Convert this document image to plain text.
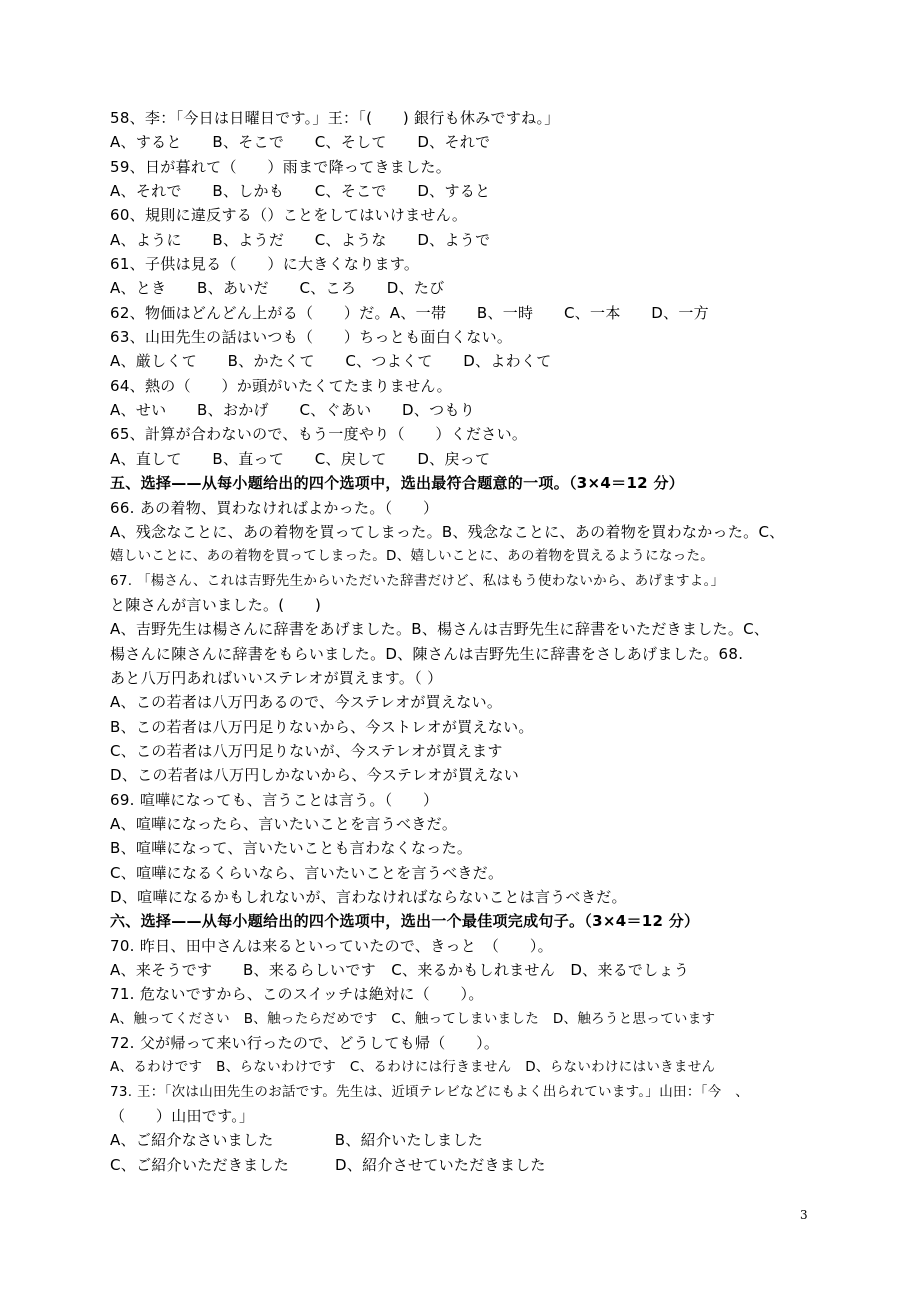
58、李：「今日は日曜日です。」王：「(　　) 銀行も休みですね。」
A、すると　　B、そこで　　C、そして　　D、それで
59、日が暮れて（　　）雨まで降ってきました。
A、それで　　B、しかも　　C、そこで　　D、すると
60、規則に違反する（）ことをしてはいけません。
A、ように　　B、ようだ　　C、ような　　D、ようで
61、子供は見る（　　）に大きくなります。
A、とき　　B、あいだ　　C、ころ　　D、たび
62、物価はどんどん上がる（　　）だ。A、一帯　　B、一時　　C、一本　　D、一方
63、山田先生の話はいつも（　　）ちっとも面白くない。
A、厳しくて　　B、かたくて　　C、つよくて　　D、よわくて
64、熱の（　　）か頭がいたくてたまりません。
A、せい　　B、おかげ　　C、ぐあい　　D、つもり
65、計算が合わないので、もう一度やり（　　）ください。
A、直して　　B、直って　　C、戻して　　D、戻って
五、选择——从每小题给出的四个选项中，选出最符合题意的一项。（3×4＝12 分）
66. あの着物、買わなければよかった。（　　）
A、残念なことに、あの着物を買ってしまった。B、残念なことに、あの着物を買わなかった。C、
嬉しいことに、あの着物を買ってしまった。D、嬉しいことに、あの着物を買えるようになった。
67. 「楊さん、これは吉野先生からいただいた辞書だけど、私はもう使わないから、あげますよ。」
と陳さんが言いました。(　　)
A、吉野先生は楊さんに辞書をあげました。B、楊さんは吉野先生に辞書をいただきました。C、
楊さんに陳さんに辞書をもらいました。D、陳さんは吉野先生に辞書をさしあげました。68.
あと八万円あればいいステレオが買えます。（ ）
A、この若者は八万円あるので、今ステレオが買えない。
B、この若者は八万円足りないから、今ストレオが買えない。
C、この若者は八万円足りないが、今ステレオが買えます
D、この若者は八万円しかないから、今ステレオが買えない
69. 喧嘩になっても、言うことは言う。（　　）
A、喧嘩になったら、言いたいことを言うべきだ。
B、喧嘩になって、言いたいことも言わなくなった。
C、喧嘩になるくらいなら、言いたいことを言うべきだ。
D、喧嘩になるかもしれないが、言わなければならないことは言うべきだ。
六、选择——从每小题给出的四个选项中，选出一个最佳项完成句子。（3×4＝12 分）
70. 昨日、田中さんは来るといっていたので、きっと　（　　）。
A、来そうです　　B、来るらしいです　C、来るかもしれません　D、来るでしょう
71. 危ないですから、このスイッチは絶対に（　　）。
A、触ってください　B、触ったらだめです　C、触ってしまいました　D、触ろうと思っています
72. 父が帰って来い行ったので、どうしても帰（　　）。
A、るわけです　B、らないわけです　C、るわけには行きません　D、らないわけにはいきません
73. 王：「次は山田先生のお話です。先生は、近頃テレビなどにもよく出られています。」山田：「今　、
（　　）山田です。」
A、ご紹介なさいました　　　　B、紹介いたしました
C、ご紹介いただきました　　　D、紹介させていただきました
3
